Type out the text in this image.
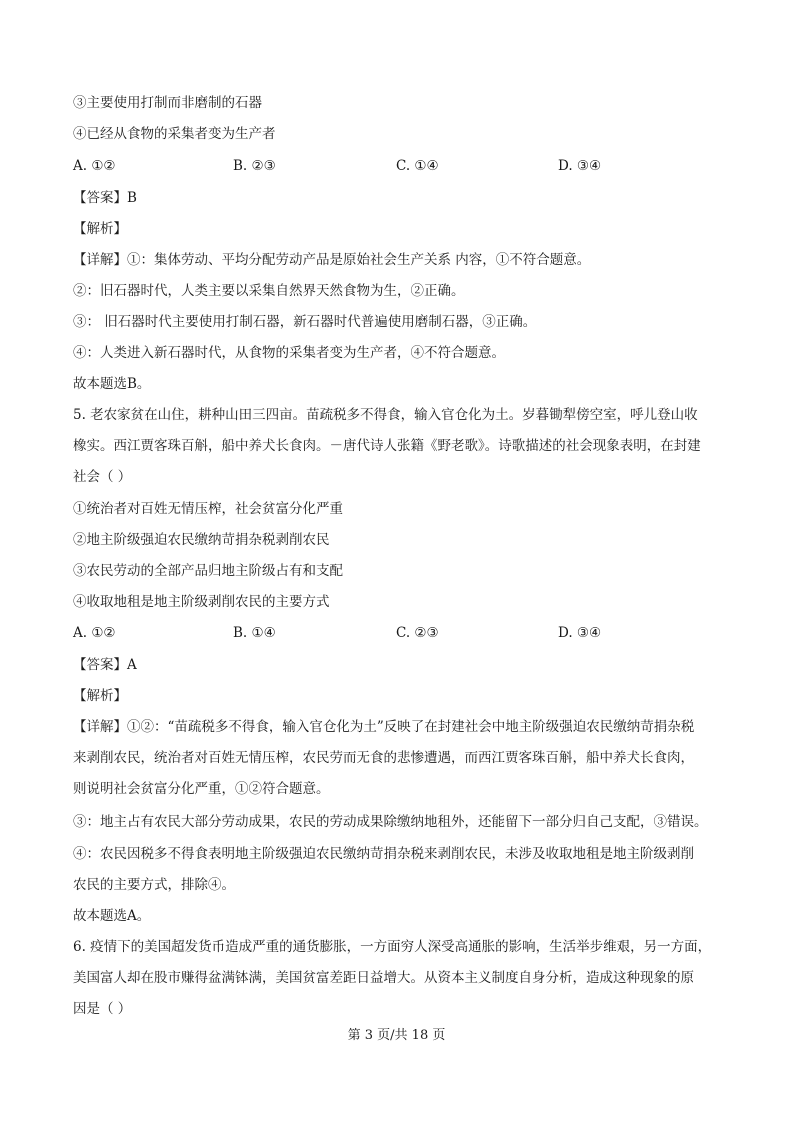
③主要使用打制而非磨制的石器
④已经从食物的采集者变为生产者
A. ①②	B. ②③	C. ①④	D. ③④
【答案】B
【解析】
【详解】①：集体劳动、平均分配劳动产品是原始社会生产关系 内容，①不符合题意。
②：旧石器时代，人类主要以采集自然界天然食物为生，②正确。
③： 旧石器时代主要使用打制石器，新石器时代普遍使用磨制石器，③正确。
④：人类进入新石器时代，从食物的采集者变为生产者，④不符合题意。
故本题选B。
5. 老农家贫在山住，耕种山田三四亩。苗疏税多不得食，输入官仓化为土。岁暮锄犁傍空室，呼儿登山收
橡实。西江贾客珠百斛，船中养犬长食肉。－唐代诗人张籍《野老歌》。诗歌描述的社会现象表明，在封建
社会（ ）
①统治者对百姓无情压榨，社会贫富分化严重
②地主阶级强迫农民缴纳苛捐杂税剥削农民
③农民劳动的全部产品归地主阶级占有和支配
④收取地租是地主阶级剥削农民的主要方式
A. ①②	B. ①④	C. ②③	D. ③④
【答案】A
【解析】
【详解】①②：“苗疏税多不得食，输入官仓化为土”反映了在封建社会中地主阶级强迫农民缴纳苛捐杂税
来剥削农民，统治者对百姓无情压榨，农民劳而无食的悲惨遭遇，而西江贾客珠百斛，船中养犬长食肉，
则说明社会贫富分化严重，①②符合题意。
③：地主占有农民大部分劳动成果，农民的劳动成果除缴纳地租外，还能留下一部分归自己支配，③错误。
④：农民因税多不得食表明地主阶级强迫农民缴纳苛捐杂税来剥削农民，未涉及收取地租是地主阶级剥削
农民的主要方式，排除④。
故本题选A。
6. 疫情下的美国超发货币造成严重的通货膨胀，一方面穷人深受高通胀的影响，生活举步维艰，另一方面，
美国富人却在股市赚得盆满钵满，美国贫富差距日益增大。从资本主义制度自身分析，造成这种现象的原
因是（ ）
第 3 页/共 18 页
